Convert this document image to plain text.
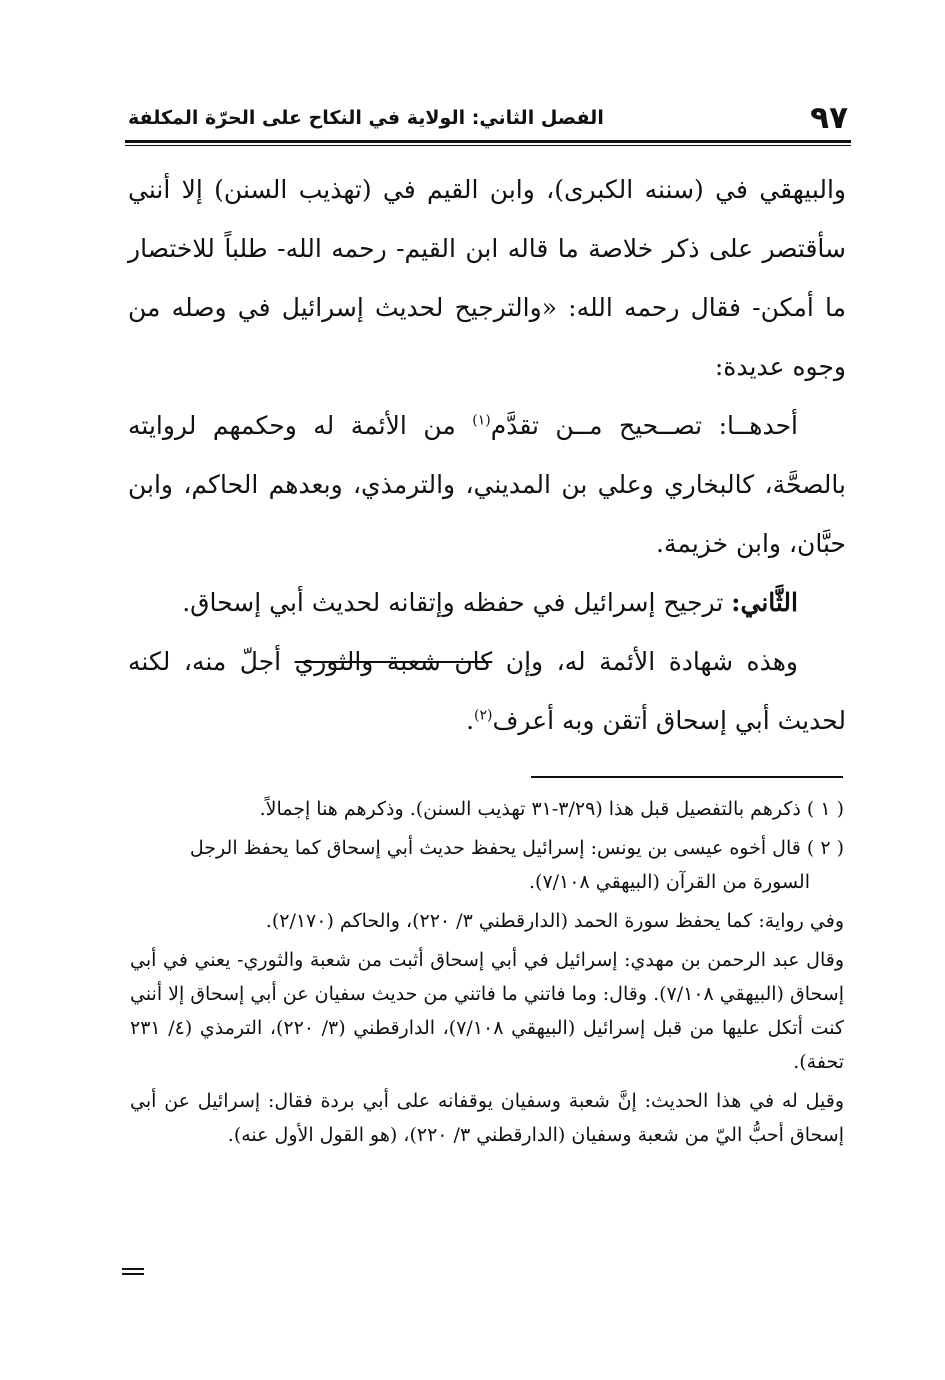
٩٧
الفصل الثاني: الولاية في النكاح على الحرّة المكلفة

والبيهقي في (سننه الكبرى)، وابن القيم في (تهذيب السنن) إلا أنني سأقتصر على ذكر خلاصة ما قاله ابن القيم- رحمه الله- طلباً للاختصار ما أمكن- فقال رحمه الله: «والترجيح لحديث إسرائيل في وصله من وجوه عديدة:

أحدهــا: تصــحيح مــن تقدَّم$^{(١)}$ من الأئمة له وحكمهم لروايته بالصحَّة، كالبخاري وعلي بن المديني، والترمذي، وبعدهم الحاكم، وابن حبَّان، وابن خزيمة.

الثَّاني: ترجيح إسرائيل في حفظه وإتقانه لحديث أبي إسحاق.

وهذه شهادة الأئمة له، وإن كان شعبة والثوري أجلّ منه، لكنه لحديث أبي إسحاق أتقن وبه أعرف$^{(٢)}$.

( ١ ) ذكرهم بالتفصيل قبل هذا (٣/٢٩-٣١ تهذيب السنن). وذكرهم هنا إجمالاً.

( ٢ ) قال أخوه عيسى بن يونس: إسرائيل يحفظ حديث أبي إسحاق كما يحفظ الرجل
السورة من القرآن (البيهقي ٧/١٠٨).

وفي رواية: كما يحفظ سورة الحمد (الدارقطني ٣/ ٢٢٠)، والحاكم (٢/١٧٠).

وقال عبد الرحمن بن مهدي: إسرائيل في أبي إسحاق أثبت من شعبة والثوري- يعني في أبي إسحاق (البيهقي ٧/١٠٨). وقال: وما فاتني ما فاتني من حديث سفيان عن أبي إسحاق إلا أنني كنت أتكل عليها من قبل إسرائيل (البيهقي ٧/١٠٨)، الدارقطني (٣/ ٢٢٠)، الترمذي (٤/ ٢٣١ تحفة).

وقيل له في هذا الحديث: إنَّ شعبة وسفيان يوقفانه على أبي بردة فقال: إسرائيل عن أبي إسحاق أحبُّ اليّ من شعبة وسفيان (الدارقطني ٣/ ٢٢٠)، (هو القول الأول عنه).
